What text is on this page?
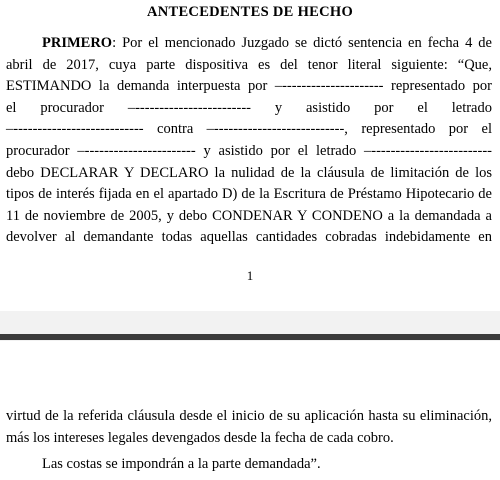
ANTECEDENTES DE HECHO
PRIMERO: Por el mencionado Juzgado se dictó sentencia en fecha 4 de
abril de 2017, cuya parte dispositiva es del tenor literal siguiente: “Que,
ESTIMANDO la demanda interpuesta por –--------------------- representado por
el procurador –------------------------ y asistido por el letrado
–--------------------------- contra –---------------------------, representado por el
procurador –----------------------- y asistido por el letrado –-------------------------
debo DECLARAR Y DECLARO la nulidad de la cláusula de limitación de los
tipos de interés fijada en el apartado D) de la Escritura de Préstamo Hipotecario de
11 de noviembre de 2005, y debo CONDENAR Y CONDENO a la demandada a
devolver al demandante todas aquellas cantidades cobradas indebidamente en
1
virtud de la referida cláusula desde el inicio de su aplicación hasta su eliminación,
más los intereses legales devengados desde la fecha de cada cobro.
Las costas se impondrán a la parte demandada”.
